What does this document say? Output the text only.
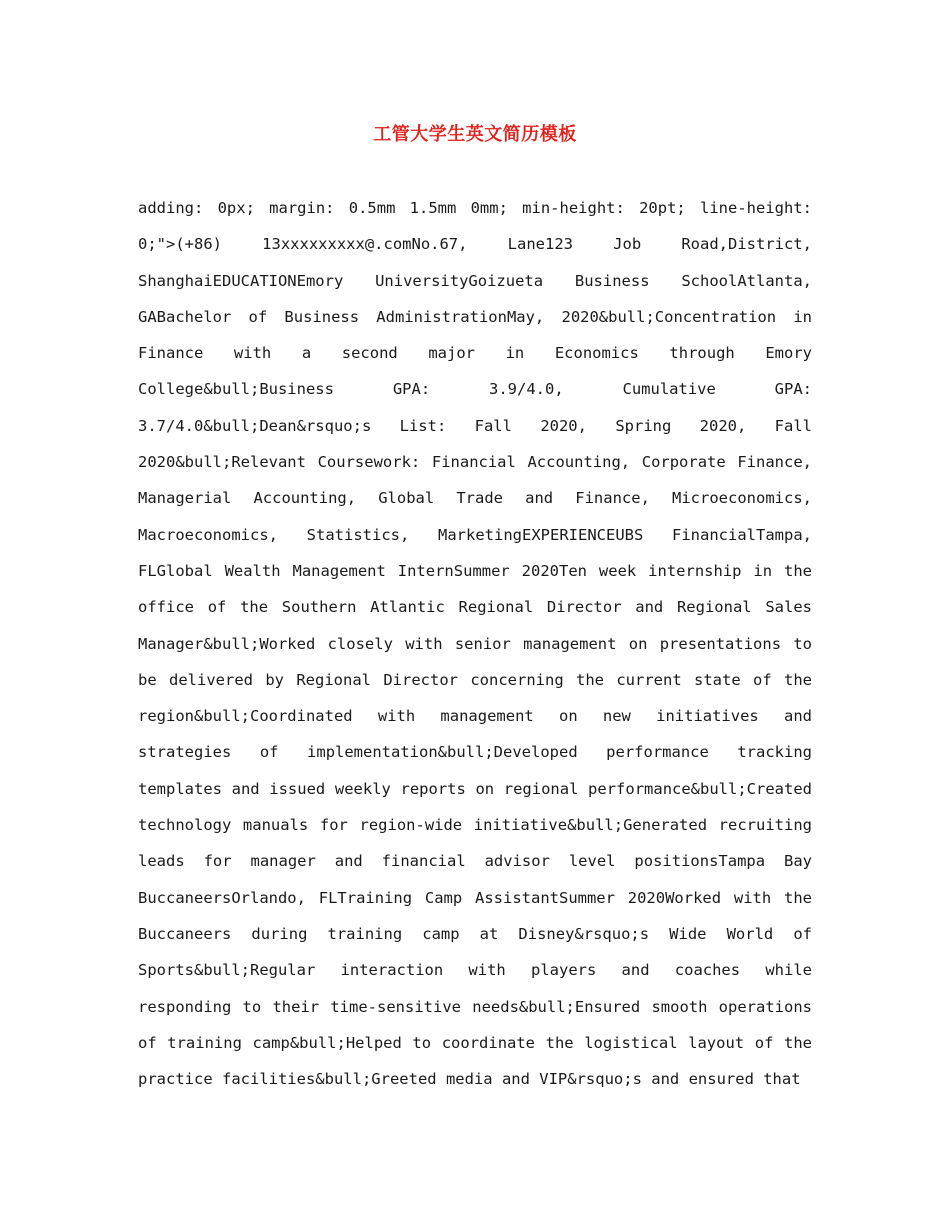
工管大学生英文简历模板

adding: 0px; margin: 0.5mm 1.5mm 0mm; min-height: 20pt; line-height: 0;">(+86) 13xxxxxxxxx@.comNo.67, Lane123 Job Road,District, ShanghaiEDUCATIONEmory UniversityGoizueta Business SchoolAtlanta, GABachelor of Business AdministrationMay, 2020&bull;Concentration in Finance with a second major in Economics through Emory College&bull;Business GPA: 3.9/4.0, Cumulative GPA: 3.7/4.0&bull;Dean&rsquo;s List: Fall 2020, Spring 2020, Fall 2020&bull;Relevant Coursework: Financial Accounting, Corporate Finance, Managerial Accounting, Global Trade and Finance, Microeconomics, Macroeconomics, Statistics, MarketingEXPERIENCEUBS FinancialTampa, FLGlobal Wealth Management InternSummer 2020Ten week internship in the office of the Southern Atlantic Regional Director and Regional Sales Manager&bull;Worked closely with senior management on presentations to be delivered by Regional Director concerning the current state of the region&bull;Coordinated with management on new initiatives and strategies of implementation&bull;Developed performance tracking templates and issued weekly reports on regional performance&bull;Created technology manuals for region-wide initiative&bull;Generated recruiting leads for manager and financial advisor level positionsTampa Bay BuccaneersOrlando, FLTraining Camp AssistantSummer 2020Worked with the Buccaneers during training camp at Disney&rsquo;s Wide World of Sports&bull;Regular interaction with players and coaches while responding to their time-sensitive needs&bull;Ensured smooth operations of training camp&bull;Helped to coordinate the logistical layout of the practice facilities&bull;Greeted media and VIP&rsquo;s and ensured that
